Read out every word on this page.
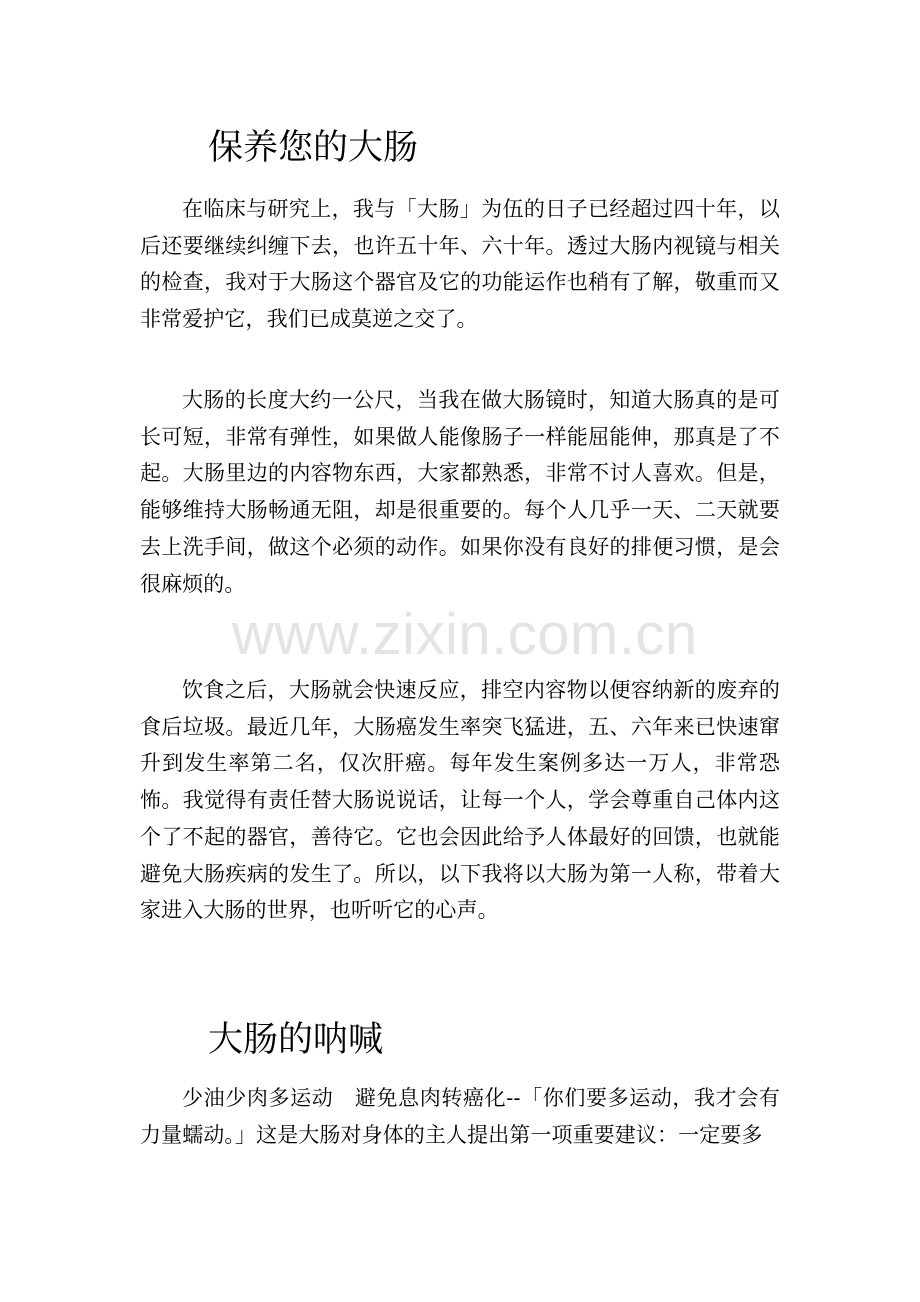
保养您的大肠

在临床与研究上，我与「大肠」为伍的日子已经超过四十年，以后还要继续纠缠下去，也许五十年、六十年。透过大肠内视镜与相关的检查，我对于大肠这个器官及它的功能运作也稍有了解，敬重而又非常爱护它，我们已成莫逆之交了。

大肠的长度大约一公尺，当我在做大肠镜时，知道大肠真的是可长可短，非常有弹性，如果做人能像肠子一样能屈能伸，那真是了不起。大肠里边的内容物东西，大家都熟悉，非常不讨人喜欢。但是，能够维持大肠畅通无阻，却是很重要的。每个人几乎一天、二天就要去上洗手间，做这个必须的动作。如果你没有良好的排便习惯，是会很麻烦的。

饮食之后，大肠就会快速反应，排空内容物以便容纳新的废弃的食后垃圾。最近几年，大肠癌发生率突飞猛进，五、六年来已快速窜升到发生率第二名，仅次肝癌。每年发生案例多达一万人，非常恐怖。我觉得有责任替大肠说说话，让每一个人，学会尊重自己体内这个了不起的器官，善待它。它也会因此给予人体最好的回馈，也就能避免大肠疾病的发生了。所以，以下我将以大肠为第一人称，带着大家进入大肠的世界，也听听它的心声。

大肠的呐喊

少油少肉多运动　避免息肉转癌化--「你们要多运动，我才会有力量蠕动。」这是大肠对身体的主人提出第一项重要建议：一定要多

www.zixin.com.cn
